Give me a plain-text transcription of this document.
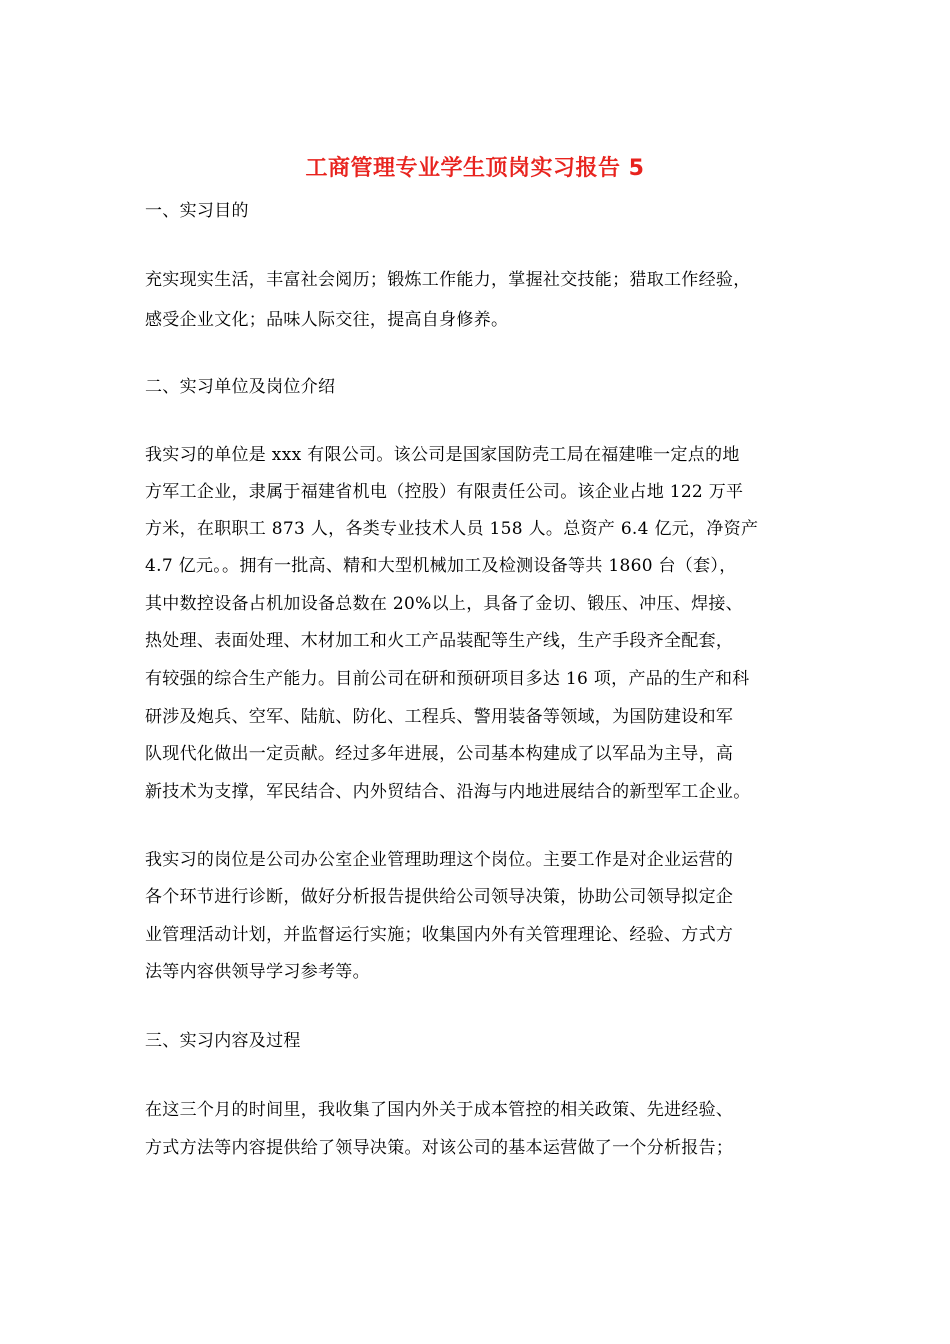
工商管理专业学生顶岗实习报告 5
一、实习目的
充实现实生活，丰富社会阅历；锻炼工作能力，掌握社交技能；猎取工作经验，
感受企业文化；品味人际交往，提高自身修养。
二、实习单位及岗位介绍
我实习的单位是 xxx 有限公司。该公司是国家国防壳工局在福建唯一定点的地
方军工企业，隶属于福建省机电（控股）有限责任公司。该企业占地 122 万平
方米，在职职工 873 人，各类专业技术人员 158 人。总资产 6.4 亿元，净资产
4.7 亿元。。拥有一批高、精和大型机械加工及检测设备等共 1860 台（套），
其中数控设备占机加设备总数在 20%以上，具备了金切、锻压、冲压、焊接、
热处理、表面处理、木材加工和火工产品装配等生产线，生产手段齐全配套，
有较强的综合生产能力。目前公司在研和预研项目多达 16 项，产品的生产和科
研涉及炮兵、空军、陆航、防化、工程兵、警用装备等领域，为国防建设和军
队现代化做出一定贡献。经过多年进展，公司基本构建成了以军品为主导，高
新技术为支撑，军民结合、内外贸结合、沿海与内地进展结合的新型军工企业。
我实习的岗位是公司办公室企业管理助理这个岗位。主要工作是对企业运营的
各个环节进行诊断，做好分析报告提供给公司领导决策，协助公司领导拟定企
业管理活动计划，并监督运行实施；收集国内外有关管理理论、经验、方式方
法等内容供领导学习参考等。
三、实习内容及过程
在这三个月的时间里，我收集了国内外关于成本管控的相关政策、先进经验、
方式方法等内容提供给了领导决策。对该公司的基本运营做了一个分析报告；
